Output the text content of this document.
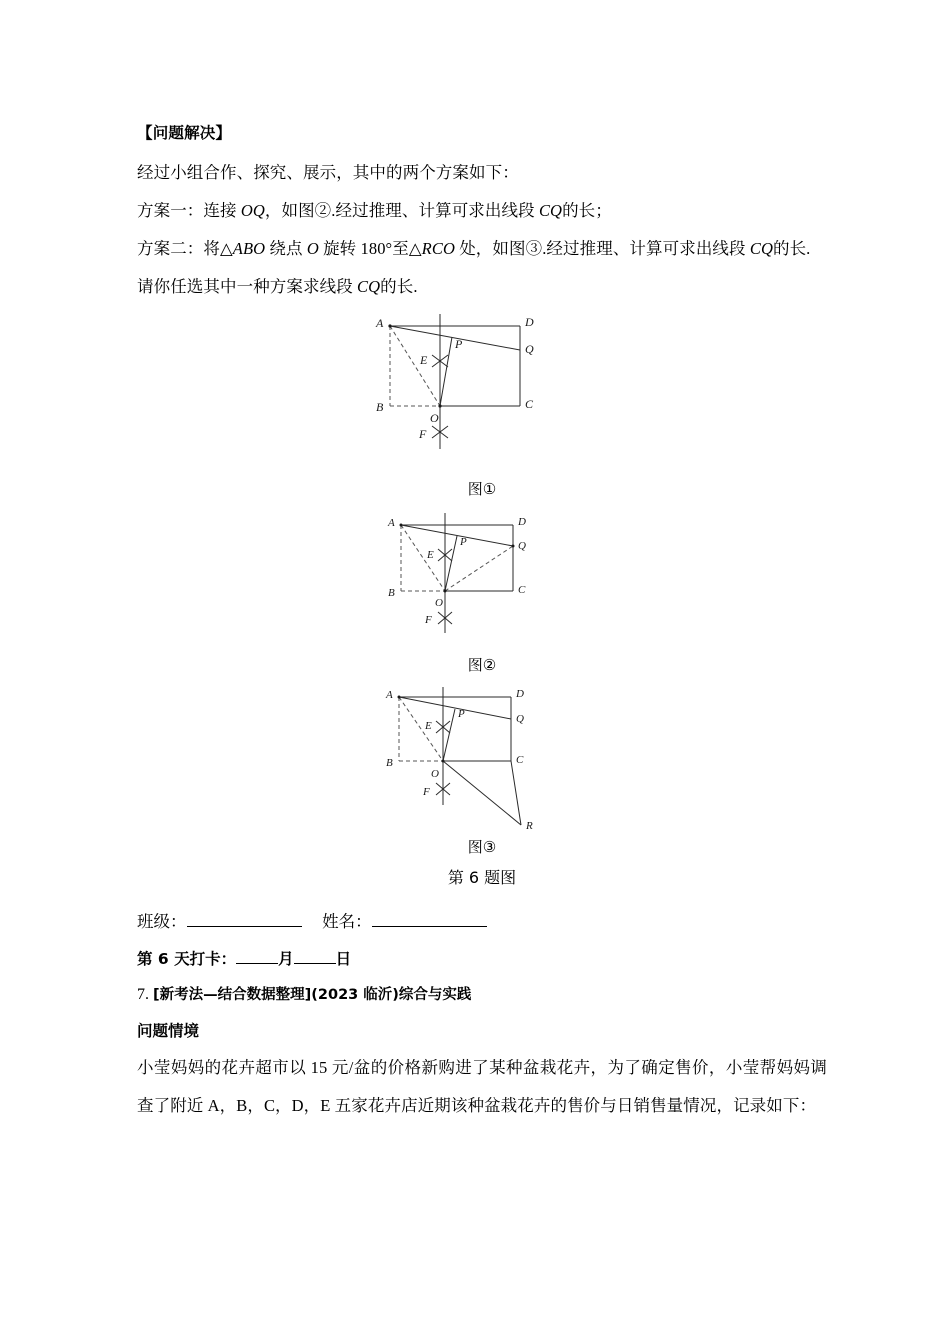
【问题解决】

经过小组合作、探究、展示，其中的两个方案如下：

方案一：连接 OQ，如图②.经过推理、计算可求出线段 CQ的长；

方案二：将△ABO 绕点 O 旋转 180°至△RCO 处，如图③.经过推理、计算可求出线段 CQ的长.

请你任选其中一种方案求线段 CQ的长.

A	D
Q
C
B
E
P
O
F
图①
A	D
Q
C
B
E
P
O
F
图②
A	D
Q
C
B
E
P
O
F
R
图③
第 6 题图

班级：	姓名：

第 6 天打卡：	月	日

7. [新考法—结合数据整理](2023 临沂)综合与实践

问题情境

小莹妈妈的花卉超市以 15 元/盆的价格新购进了某种盆栽花卉，为了确定售价，小莹帮妈妈调查了附近 A，B，C，D，E 五家花卉店近期该种盆栽花卉的售价与日销售量情况，记录如下：
